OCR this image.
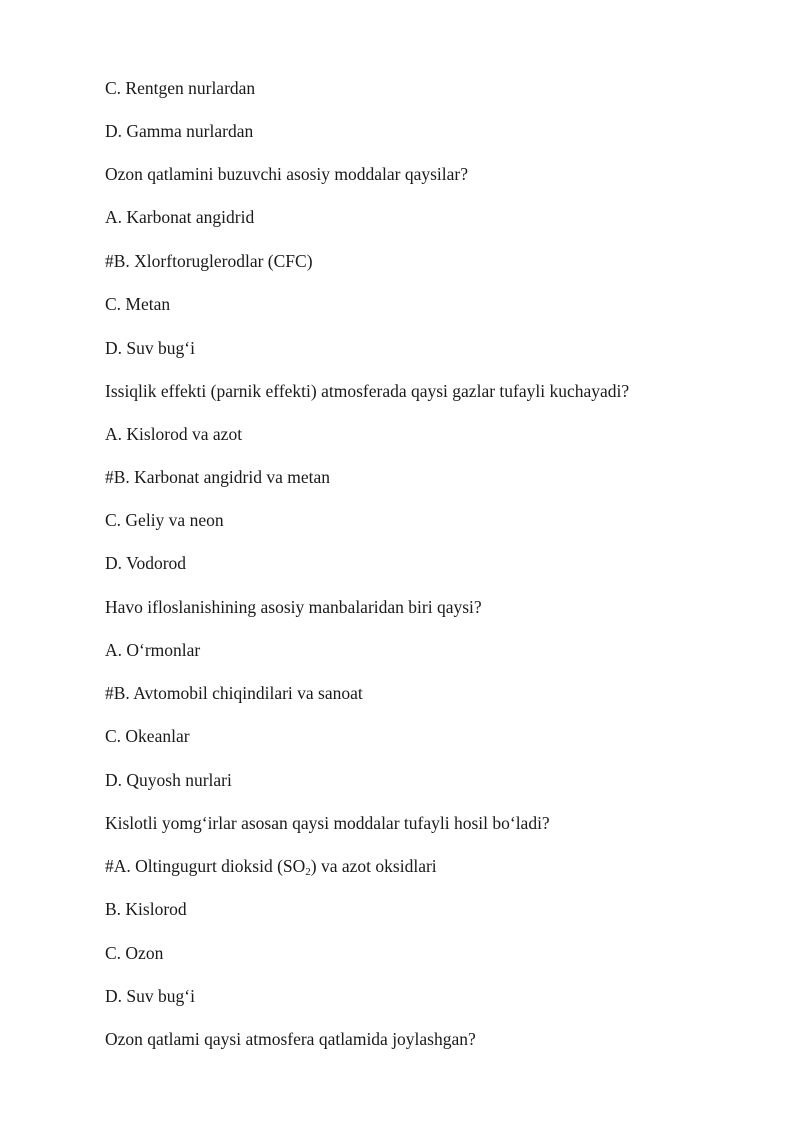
C. Rentgen nurlardan
D. Gamma nurlardan
Ozon qatlamini buzuvchi asosiy moddalar qaysilar?
A. Karbonat angidrid
#B. Xlorftoruglerodlar (CFC)
C. Metan
D. Suv bug‘i
Issiqlik effekti (parnik effekti) atmosferada qaysi gazlar tufayli kuchayadi?
A. Kislorod va azot
#B. Karbonat angidrid va metan
C. Geliy va neon
D. Vodorod
Havo ifloslanishining asosiy manbalaridan biri qaysi?
A. O‘rmonlar
#B. Avtomobil chiqindilari va sanoat
C. Okeanlar
D. Quyosh nurlari
Kislotli yomg‘irlar asosan qaysi moddalar tufayli hosil bo‘ladi?
#A. Oltingugurt dioksid $(SO_2)$ va azot oksidlari
B. Kislorod
C. Ozon
D. Suv bug‘i
Ozon qatlami qaysi atmosfera qatlamida joylashgan?
